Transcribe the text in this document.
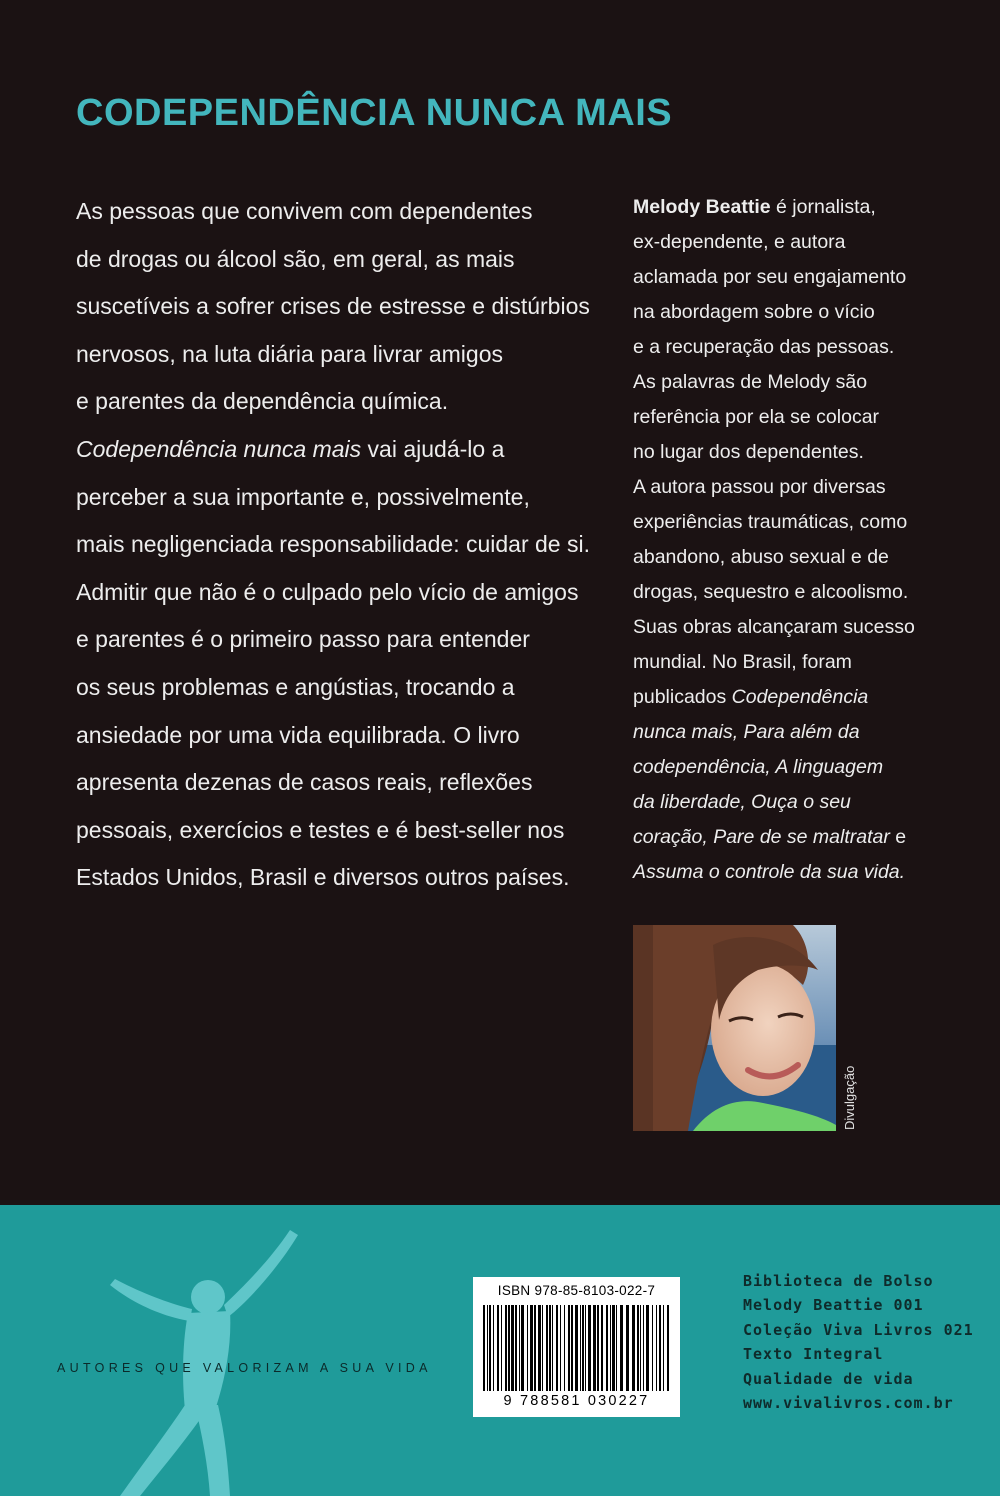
CODEPENDÊNCIA NUNCA MAIS
As pessoas que convivem com dependentes
de drogas ou álcool são, em geral, as mais
suscetíveis a sofrer crises de estresse e distúrbios
nervosos, na luta diária para livrar amigos
e parentes da dependência química.
Codependência nunca mais vai ajudá-lo a
perceber a sua importante e, possivelmente,
mais negligenciada responsabilidade: cuidar de si.
Admitir que não é o culpado pelo vício de amigos
e parentes é o primeiro passo para entender
os seus problemas e angústias, trocando a
ansiedade por uma vida equilibrada. O livro
apresenta dezenas de casos reais, reflexões
pessoais, exercícios e testes e é best-seller nos
Estados Unidos, Brasil e diversos outros países.
Melody Beattie é jornalista,
ex-dependente, e autora
aclamada por seu engajamento
na abordagem sobre o vício
e a recuperação das pessoas.
As palavras de Melody são
referência por ela se colocar
no lugar dos dependentes.
A autora passou por diversas
experiências traumáticas, como
abandono, abuso sexual e de
drogas, sequestro e alcoolismo.
Suas obras alcançaram sucesso
mundial. No Brasil, foram
publicados Codependência
nunca mais, Para além da
codependência, A linguagem
da liberdade, Ouça o seu
coração, Pare de se maltratar e
Assuma o controle da sua vida.
Divulgação
AUTORES QUE VALORIZAM A SUA VIDA
ISBN 978-85-8103-022-7
9 788581 030227
Biblioteca de Bolso
Melody Beattie 001
Coleção Viva Livros 021
Texto Integral
Qualidade de vida
www.vivalivros.com.br
